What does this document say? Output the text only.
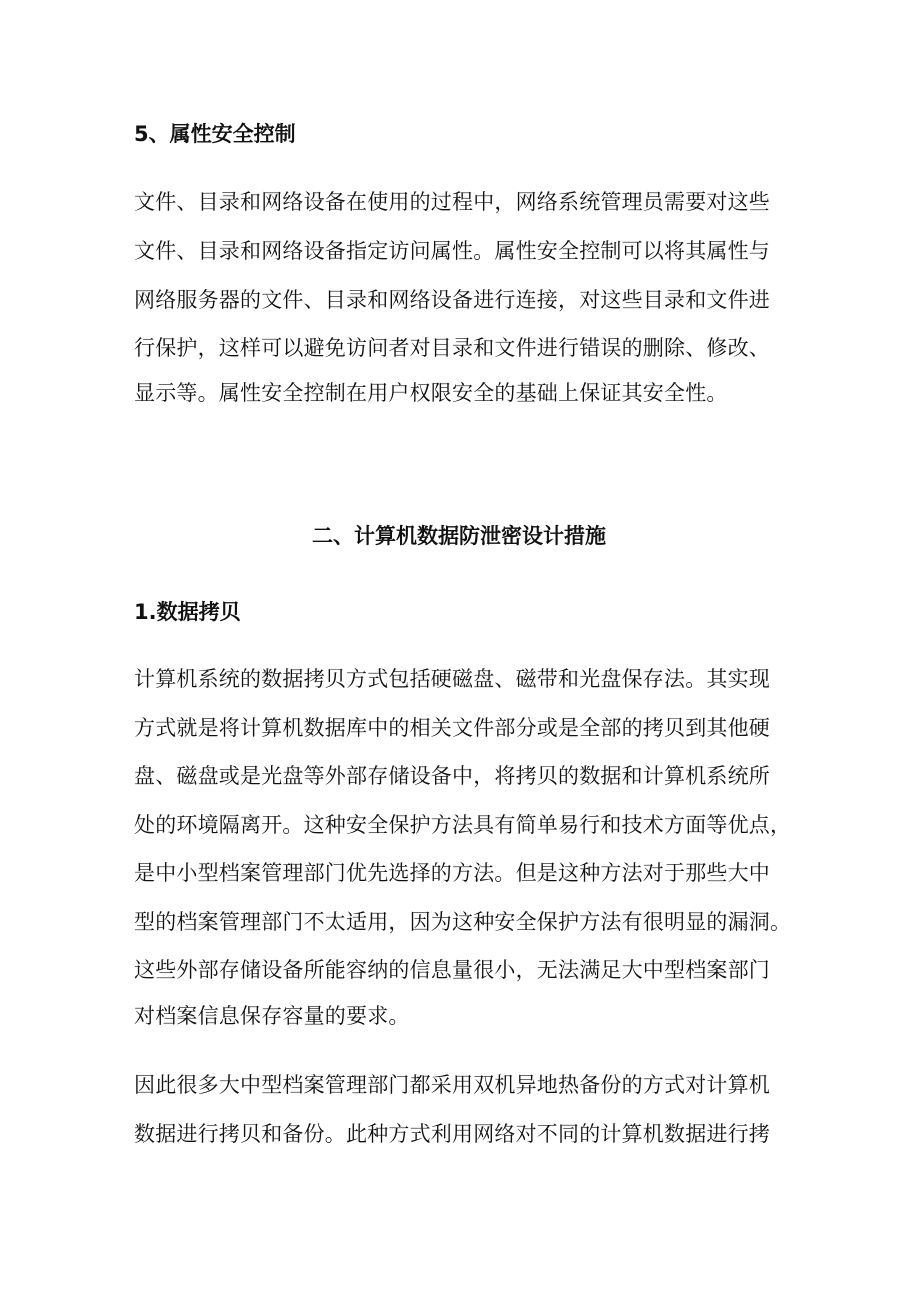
5、属性安全控制
文件、目录和网络设备在使用的过程中，网络系统管理员需要对这些
文件、目录和网络设备指定访问属性。属性安全控制可以将其属性与
网络服务器的文件、目录和网络设备进行连接，对这些目录和文件进
行保护，这样可以避免访问者对目录和文件进行错误的删除、修改、
显示等。属性安全控制在用户权限安全的基础上保证其安全性。
二、计算机数据防泄密设计措施
1.数据拷贝
计算机系统的数据拷贝方式包括硬磁盘、磁带和光盘保存法。其实现
方式就是将计算机数据库中的相关文件部分或是全部的拷贝到其他硬
盘、磁盘或是光盘等外部存储设备中，将拷贝的数据和计算机系统所
处的环境隔离开。这种安全保护方法具有简单易行和技术方面等优点，
是中小型档案管理部门优先选择的方法。但是这种方法对于那些大中
型的档案管理部门不太适用，因为这种安全保护方法有很明显的漏洞。
这些外部存储设备所能容纳的信息量很小，无法满足大中型档案部门
对档案信息保存容量的要求。
因此很多大中型档案管理部门都采用双机异地热备份的方式对计算机
数据进行拷贝和备份。此种方式利用网络对不同的计算机数据进行拷
